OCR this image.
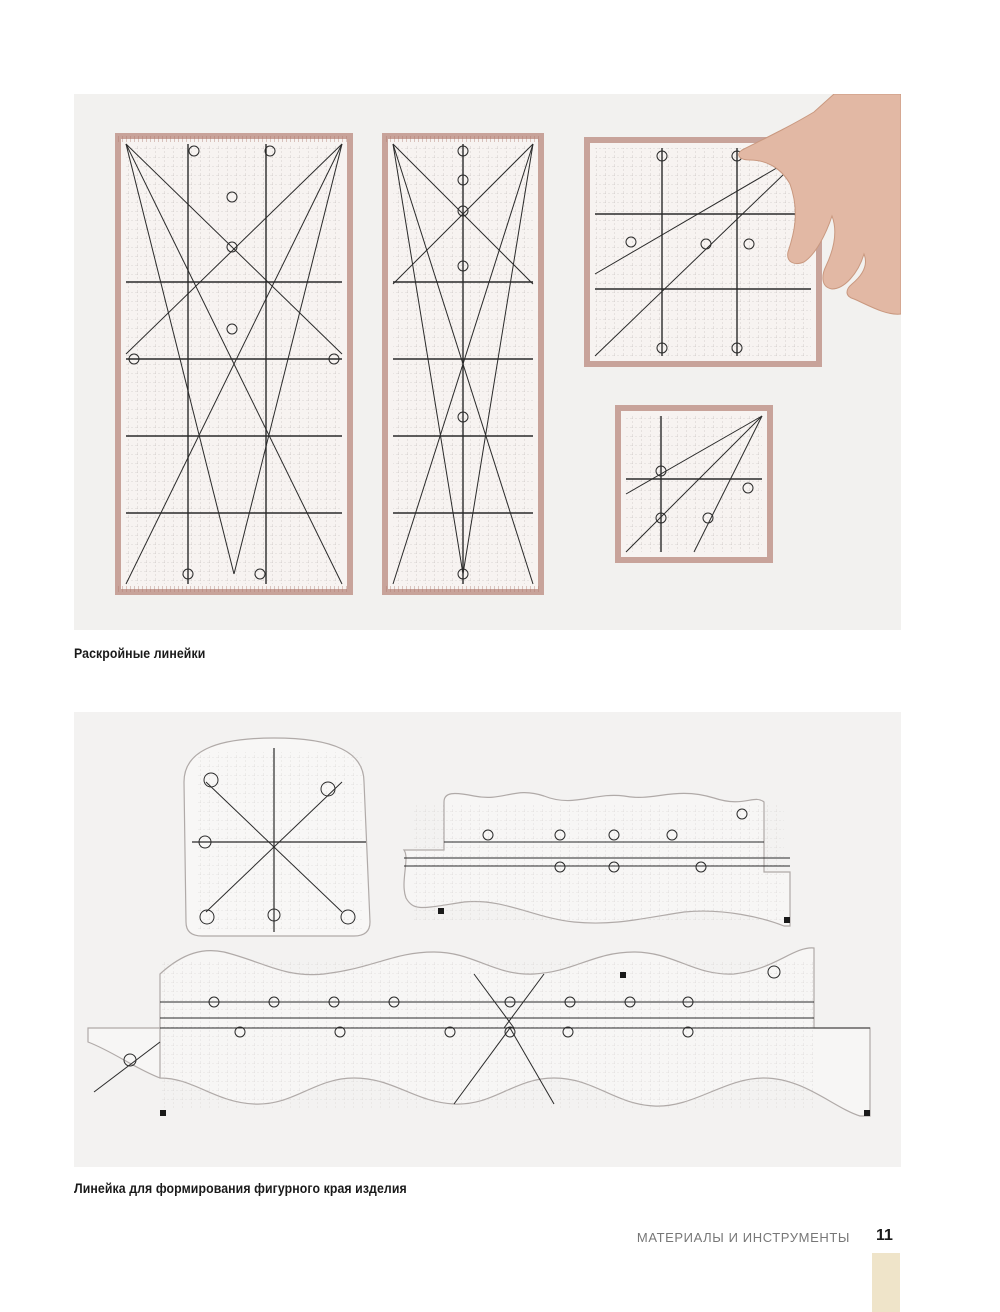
Раскройные линейки
Линейка для формирования фигурного края изделия
МАТЕРИАЛЫ И ИНСТРУМЕНТЫ 11
